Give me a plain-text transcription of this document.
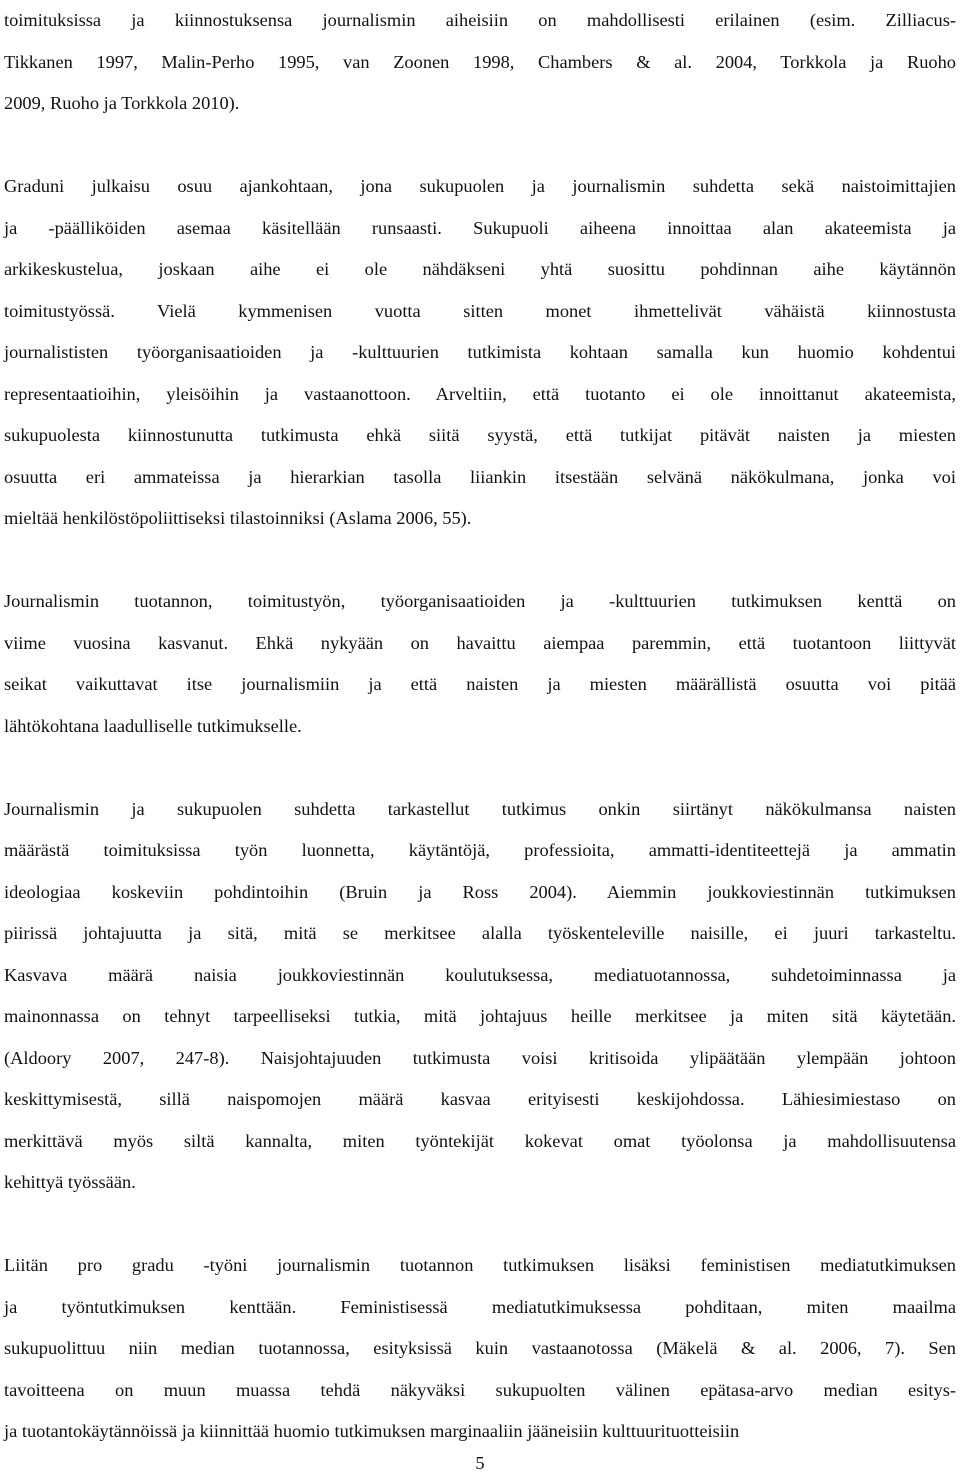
toimituksissa ja kiinnostuksensa journalismin aiheisiin on mahdollisesti erilainen (esim. Zilliacus-
Tikkanen 1997, Malin-Perho 1995, van Zoonen 1998, Chambers & al. 2004, Torkkola ja Ruoho
2009, Ruoho ja Torkkola 2010).
Graduni julkaisu osuu ajankohtaan, jona sukupuolen ja journalismin suhdetta sekä naistoimittajien
ja -päälliköiden asemaa käsitellään runsaasti. Sukupuoli aiheena innoittaa alan akateemista ja
arkikeskustelua, joskaan aihe ei ole nähdäkseni yhtä suosittu pohdinnan aihe käytännön
toimitustyössä. Vielä kymmenisen vuotta sitten monet ihmettelivät vähäistä kiinnostusta
journalististen työorganisaatioiden ja -kulttuurien tutkimista kohtaan samalla kun huomio kohdentui
representaatioihin, yleisöihin ja vastaanottoon. Arveltiin, että tuotanto ei ole innoittanut akateemista,
sukupuolesta kiinnostunutta tutkimusta ehkä siitä syystä, että tutkijat pitävät naisten ja miesten
osuutta eri ammateissa ja hierarkian tasolla liiankin itsestään selvänä näkökulmana, jonka voi
mieltää henkilöstöpoliittiseksi tilastoinniksi (Aslama 2006, 55).
Journalismin tuotannon, toimitustyön, työorganisaatioiden ja -kulttuurien tutkimuksen kenttä on
viime vuosina kasvanut. Ehkä nykyään on havaittu aiempaa paremmin, että tuotantoon liittyvät
seikat vaikuttavat itse journalismiin ja että naisten ja miesten määrällistä osuutta voi pitää
lähtökohtana laadulliselle tutkimukselle.
Journalismin ja sukupuolen suhdetta tarkastellut tutkimus onkin siirtänyt näkökulmansa naisten
määrästä toimituksissa työn luonnetta, käytäntöjä, professioita, ammatti-identiteettejä ja ammatin
ideologiaa koskeviin pohdintoihin (Bruin ja Ross 2004). Aiemmin joukkoviestinnän tutkimuksen
piirissä johtajuutta ja sitä, mitä se merkitsee alalla työskenteleville naisille, ei juuri tarkasteltu.
Kasvava määrä naisia joukkoviestinnän koulutuksessa, mediatuotannossa, suhdetoiminnassa ja
mainonnassa on tehnyt tarpeelliseksi tutkia, mitä johtajuus heille merkitsee ja miten sitä käytetään.
(Aldoory 2007, 247-8). Naisjohtajuuden tutkimusta voisi kritisoida ylipäätään ylempään johtoon
keskittymisestä, sillä naispomojen määrä kasvaa erityisesti keskijohdossa. Lähiesimiestaso on
merkittävä myös siltä kannalta, miten työntekijät kokevat omat työolonsa ja mahdollisuutensa
kehittyä työssään.
Liitän pro gradu -työni journalismin tuotannon tutkimuksen lisäksi feministisen mediatutkimuksen
ja työntutkimuksen kenttään. Feministisessä mediatutkimuksessa pohditaan, miten maailma
sukupuolittuu niin median tuotannossa, esityksissä kuin vastaanotossa (Mäkelä & al. 2006, 7). Sen
tavoitteena on muun muassa tehdä näkyväksi sukupuolten välinen epätasa-arvo median esitys-
ja tuotantokäytännöissä ja kiinnittää huomio tutkimuksen marginaaliin jääneisiin kulttuurituotteisiin
5
